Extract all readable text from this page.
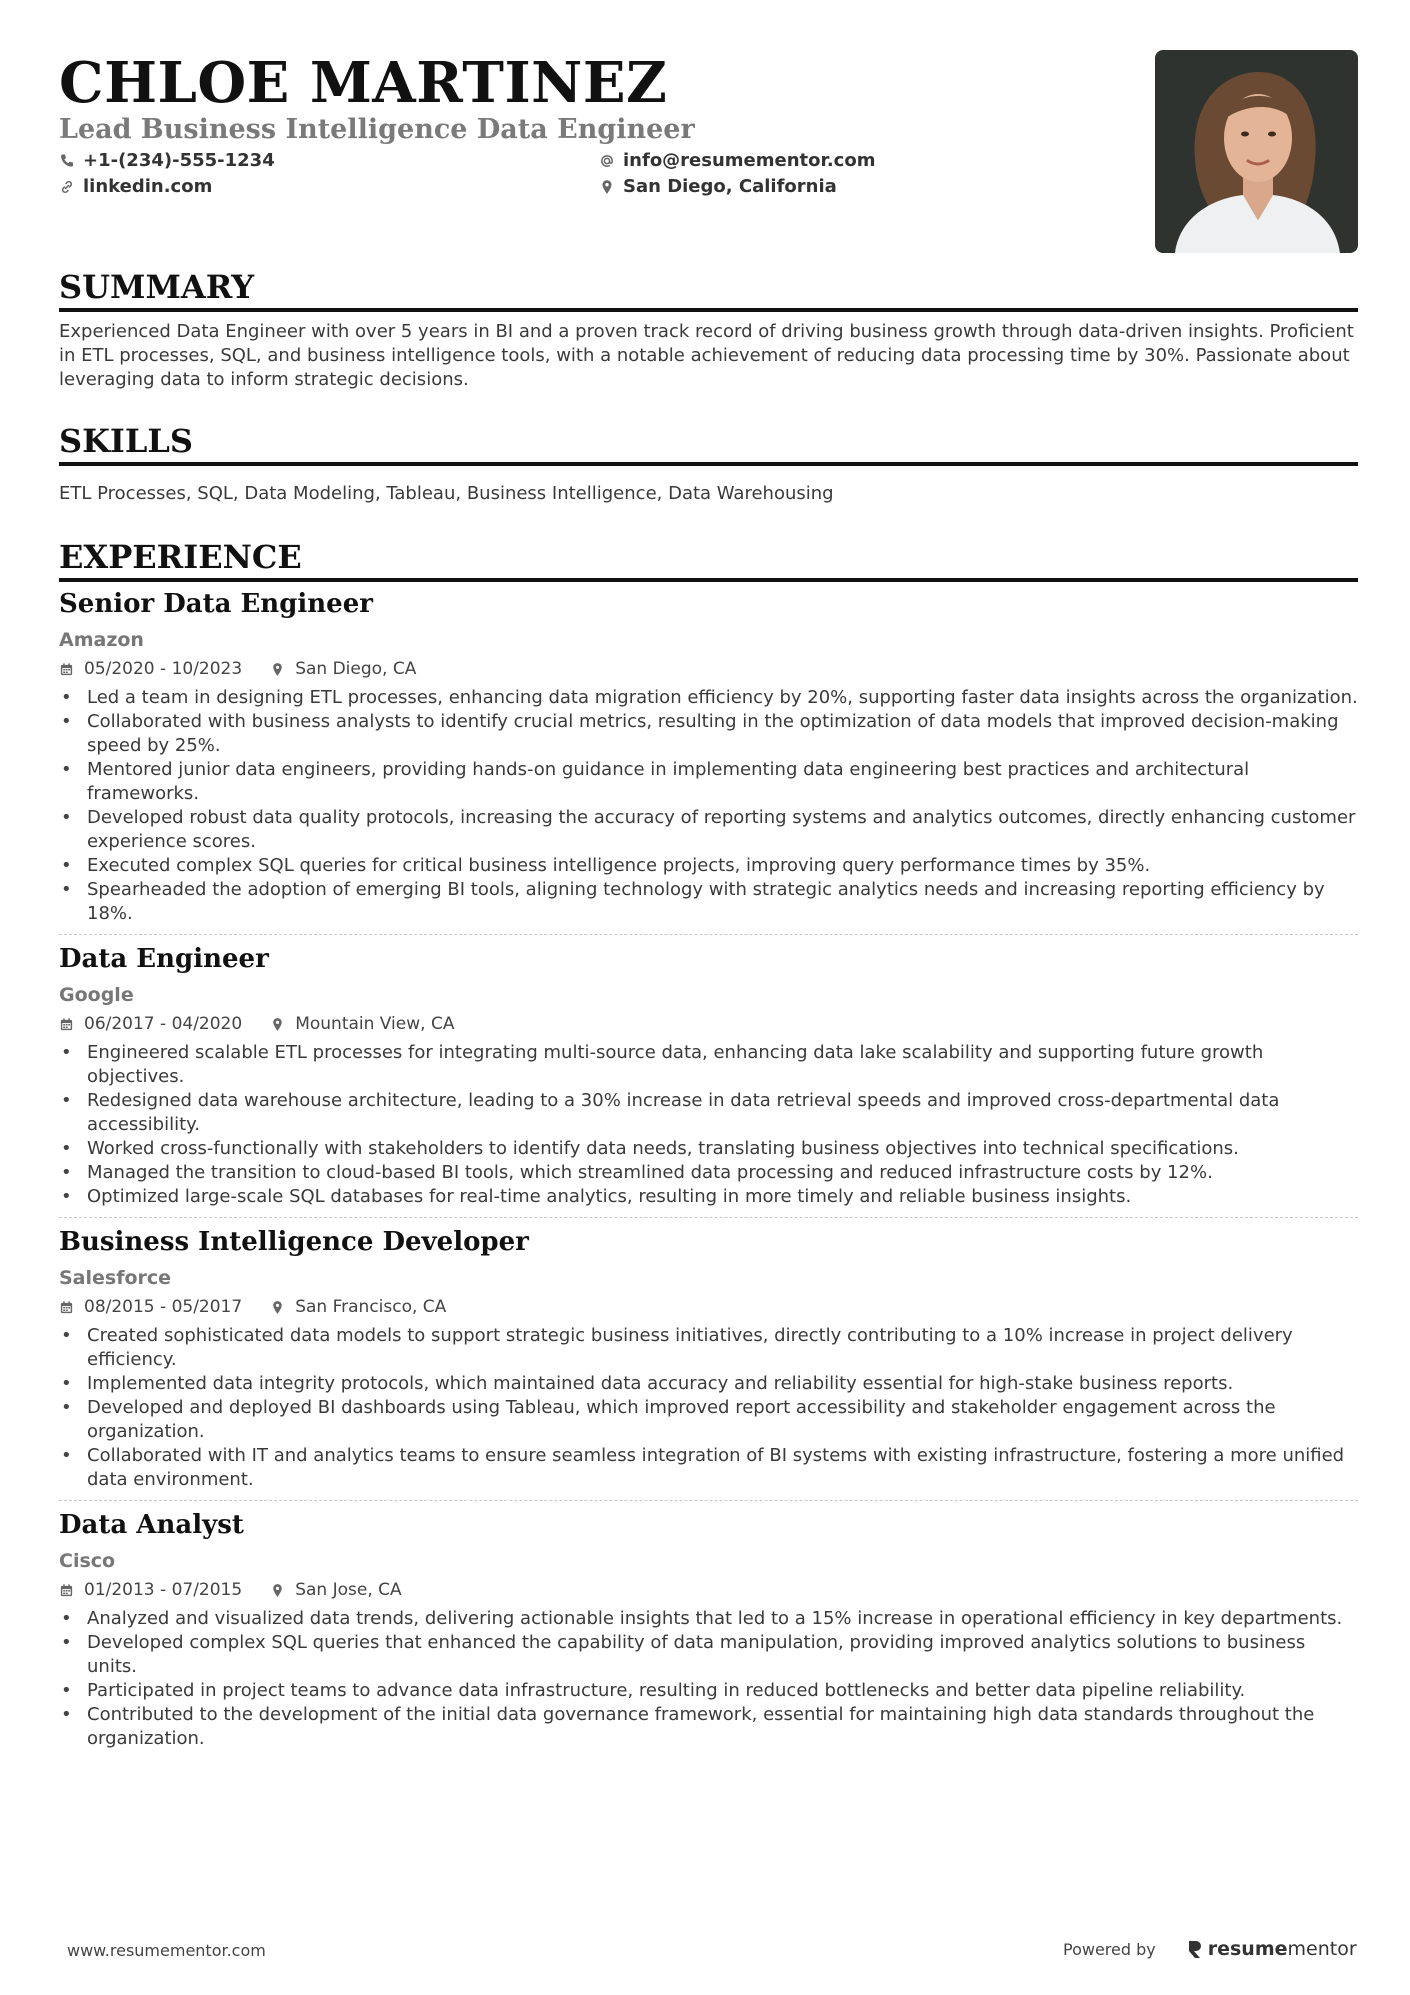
CHLOE MARTINEZ
Lead Business Intelligence Data Engineer
+1-(234)-555-1234	info@resumementor.com
linkedin.com	San Diego, California
SUMMARY
Experienced Data Engineer with over 5 years in BI and a proven track record of driving business growth through data-driven insights. Proficient in ETL processes, SQL, and business intelligence tools, with a notable achievement of reducing data processing time by 30%. Passionate about leveraging data to inform strategic decisions.
SKILLS
ETL Processes, SQL, Data Modeling, Tableau, Business Intelligence, Data Warehousing
EXPERIENCE
Senior Data Engineer
Amazon
05/2020 - 10/2023	San Diego, CA
• Led a team in designing ETL processes, enhancing data migration efficiency by 20%, supporting faster data insights across the organization.
• Collaborated with business analysts to identify crucial metrics, resulting in the optimization of data models that improved decision-making speed by 25%.
• Mentored junior data engineers, providing hands-on guidance in implementing data engineering best practices and architectural frameworks.
• Developed robust data quality protocols, increasing the accuracy of reporting systems and analytics outcomes, directly enhancing customer experience scores.
• Executed complex SQL queries for critical business intelligence projects, improving query performance times by 35%.
• Spearheaded the adoption of emerging BI tools, aligning technology with strategic analytics needs and increasing reporting efficiency by 18%.
Data Engineer
Google
06/2017 - 04/2020	Mountain View, CA
• Engineered scalable ETL processes for integrating multi-source data, enhancing data lake scalability and supporting future growth objectives.
• Redesigned data warehouse architecture, leading to a 30% increase in data retrieval speeds and improved cross-departmental data accessibility.
• Worked cross-functionally with stakeholders to identify data needs, translating business objectives into technical specifications.
• Managed the transition to cloud-based BI tools, which streamlined data processing and reduced infrastructure costs by 12%.
• Optimized large-scale SQL databases for real-time analytics, resulting in more timely and reliable business insights.
Business Intelligence Developer
Salesforce
08/2015 - 05/2017	San Francisco, CA
• Created sophisticated data models to support strategic business initiatives, directly contributing to a 10% increase in project delivery efficiency.
• Implemented data integrity protocols, which maintained data accuracy and reliability essential for high-stake business reports.
• Developed and deployed BI dashboards using Tableau, which improved report accessibility and stakeholder engagement across the organization.
• Collaborated with IT and analytics teams to ensure seamless integration of BI systems with existing infrastructure, fostering a more unified data environment.
Data Analyst
Cisco
01/2013 - 07/2015	San Jose, CA
• Analyzed and visualized data trends, delivering actionable insights that led to a 15% increase in operational efficiency in key departments.
• Developed complex SQL queries that enhanced the capability of data manipulation, providing improved analytics solutions to business units.
• Participated in project teams to advance data infrastructure, resulting in reduced bottlenecks and better data pipeline reliability.
• Contributed to the development of the initial data governance framework, essential for maintaining high data standards throughout the organization.
www.resumementor.com	Powered by	resume mentor
